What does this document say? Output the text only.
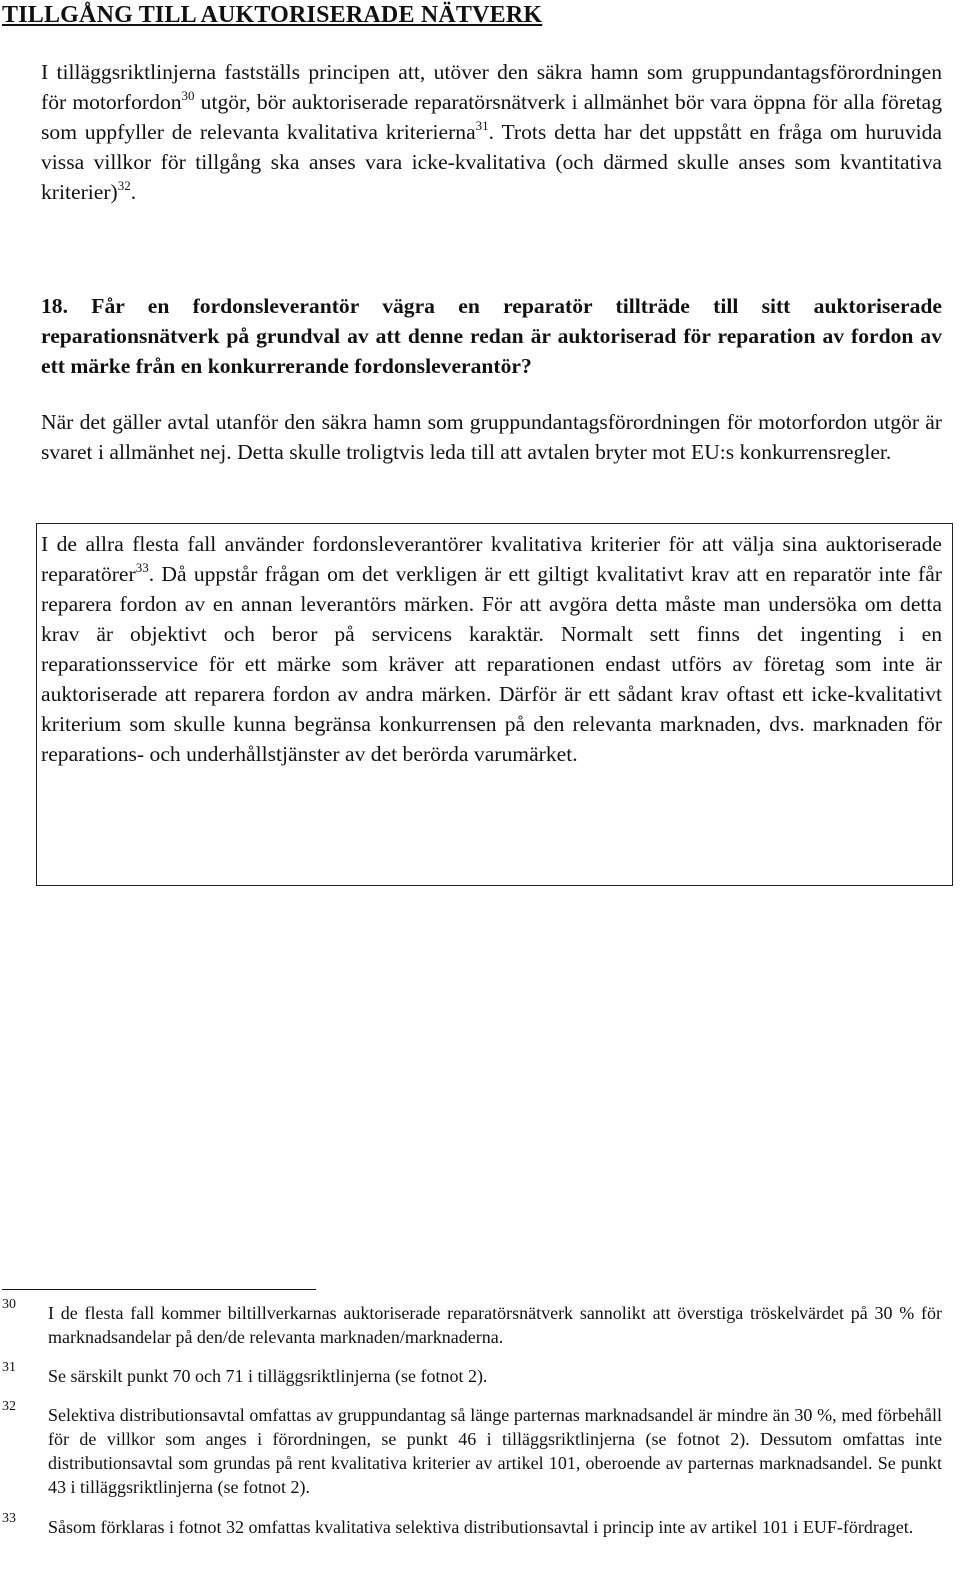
TILLGÅNG TILL AUKTORISERADE NÄTVERK

I tilläggsriktlinjerna fastställs principen att, utöver den säkra hamn som gruppundantagsförordningen för motorfordon$^{30}$ utgör, bör auktoriserade reparatörsnätverk i allmänhet bör vara öppna för alla företag som uppfyller de relevanta kvalitativa kriterierna$^{31}$. Trots detta har det uppstått en fråga om huruvida vissa villkor för tillgång ska anses vara icke-kvalitativa (och därmed skulle anses som kvantitativa kriterier)$^{32}$.

18. Får en fordonsleverantör vägra en reparatör tillträde till sitt auktoriserade reparationsnätverk på grundval av att denne redan är auktoriserad för reparation av fordon av ett märke från en konkurrerande fordonsleverantör?

När det gäller avtal utanför den säkra hamn som gruppundantagsförordningen för motorfordon utgör är svaret i allmänhet nej. Detta skulle troligtvis leda till att avtalen bryter mot EU:s konkurrensregler.

I de allra flesta fall använder fordonsleverantörer kvalitativa kriterier för att välja sina auktoriserade reparatörer$^{33}$. Då uppstår frågan om det verkligen är ett giltigt kvalitativt krav att en reparatör inte får reparera fordon av en annan leverantörs märken. För att avgöra detta måste man undersöka om detta krav är objektivt och beror på servicens karaktär. Normalt sett finns det ingenting i en reparationsservice för ett märke som kräver att reparationen endast utförs av företag som inte är auktoriserade att reparera fordon av andra märken. Därför är ett sådant krav oftast ett icke-kvalitativt kriterium som skulle kunna begränsa konkurrensen på den relevanta marknaden, dvs. marknaden för reparations- och underhållstjänster av det berörda varumärket.

30 I de flesta fall kommer biltillverkarnas auktoriserade reparatörsnätverk sannolikt att överstiga tröskelvärdet på 30 % för marknadsandelar på den/de relevanta marknaden/marknaderna.

31 Se särskilt punkt 70 och 71 i tilläggsriktlinjerna (se fotnot 2).

32 Selektiva distributionsavtal omfattas av gruppundantag så länge parternas marknadsandel är mindre än 30 %, med förbehåll för de villkor som anges i förordningen, se punkt 46 i tilläggsriktlinjerna (se fotnot 2). Dessutom omfattas inte distributionsavtal som grundas på rent kvalitativa kriterier av artikel 101, oberoende av parternas marknadsandel. Se punkt 43 i tilläggsriktlinjerna (se fotnot 2).

33 Såsom förklaras i fotnot 32 omfattas kvalitativa selektiva distributionsavtal i princip inte av artikel 101 i EUF-fördraget.
